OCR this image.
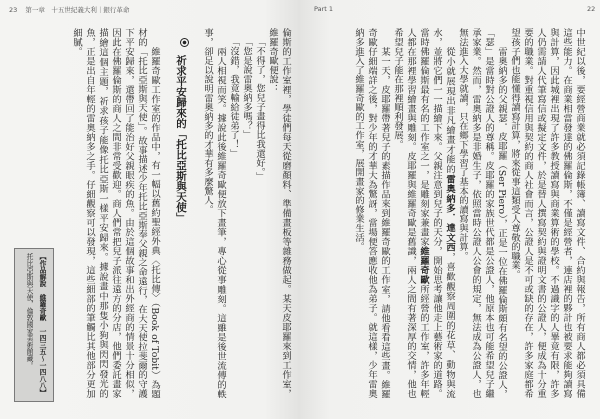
23 第一章　十五世紀義大利｜銀行革命

倫斯的工作室裡，學徒們每天從磨顏料、準備畫板等雜務做起。某天皮耶羅來到工作室，維羅奇歐便說：

「不得了，您兒子畫得比我還好。」

「您是說雷奧納多嗎？」

「沒錯，我竟輸給徒弟了！」

兩人相視而笑。據說此後維羅奇歐便放下畫筆，專心從事雕刻。這雖是後世流傳的軼事，卻足以說明雷奧納多的才華有多麼驚人。

祈求平安歸來的「托比亞斯與天使」

維羅奇歐工作室的作品中，有一幅以舊約聖經外典〈托比傳〉（Book of Tobit）為題材的「托比亞斯與天使」。故事描述少年托比亞斯奉父親之命遠行，在大天使拉斐爾的守護下平安歸來，還帶回了能治好父親眼疾的魚。由於這個故事和出外經商的情景十分相似，因此在佛羅倫斯的商人之間非常受歡迎。商人們常把兒子派往遠方的分店，他們委託畫家描繪這個主題，祈求孩子能像托比亞斯一樣平安歸來。據說畫中那隻小狗與閃閃發光的魚，正是出自年輕的雷奧納多之手。仔細觀察可以發現，這些細部的筆觸比其他部分更加細膩。

【作品解說　維羅奇歐　一四三五～一四八八】

托比亞斯與天使，倫敦國家美術館藏。

Part 1	22

中世紀以後，要經營商業就必須記錄帳簿、讀寫文件、合約與報告，所有商人都必須具備這些能力。在商業相當發達的佛羅倫斯，不僅是經營者，連店裡的夥計也被要求能夠讀寫與計算，因此城裡出現了許多教授讀寫與商業算術的學校。不過識字的人畢竟有限，許多人仍需請人代筆寫信或擬定文件，於是替人撰寫契約與證明文書的公證人，便成為十分重要的職業。對重視信用與契約的商人社會而言，公證人是不可或缺的存在，許多家庭都希望孩子們也能懂得讀寫計算，將來從事這類受人尊敬的職業。

雷奧納多的父親瑟．皮耶羅（Ser Piero），正是一位在佛羅倫斯頗有名望的公證人，「瑟」是當時對公證人的尊稱。皮耶羅的家族世代都是公證人，他原本也可能希望兒子繼承家業。然而，雷奧納多是非婚生子，依照當時公證人公會的規定，無法成為公證人，也無法進入大學就讀，只在鄉下學習了基本的讀寫與計算。

從小就展現出非凡繪畫才能的雷奧納多．達文西，喜歡觀察周圍的花草、動物與流水，並將它們一一描繪下來。父親注意到兒子的天分，開始思考讓他走上藝術家的道路。當時佛羅倫斯最有名的工作室之一，是雕刻家兼畫家維羅奇歐所經營的工作室，許多年輕人都在那裡學習繪畫與雕刻。皮耶羅與維羅奇歐是舊識，兩人之間有著深厚的交情，他也希望兒子能在那裡順利發展。

某一天，皮耶羅帶著兒子的素描作品來到維羅奇歐的工作室，請他看看這些畫。維羅奇歐仔細端詳之後，對少年的才華大為驚訝，當場便答應收他為弟子。就這樣，少年雷奧納多進入了維羅奇歐的工作室，展開畫家的修業生活。
